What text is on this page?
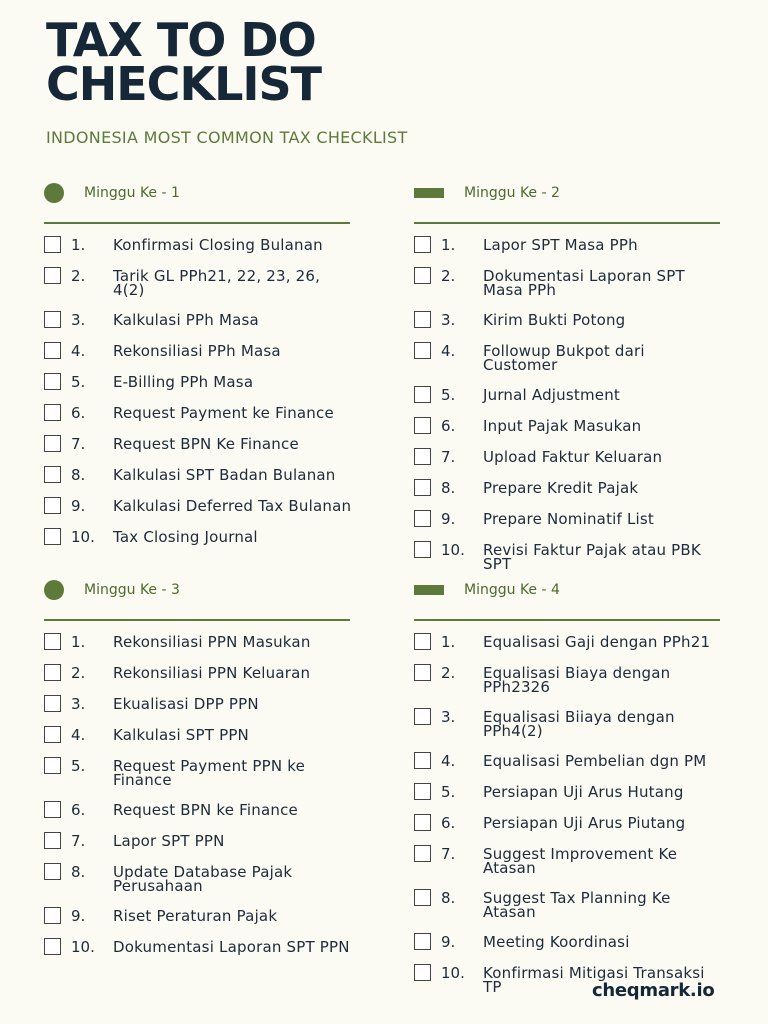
TAX TO DO
CHECKLIST
INDONESIA MOST COMMON TAX CHECKLIST
Minggu Ke - 1
1.	Konfirmasi Closing Bulanan
2.	Tarik GL PPh21, 22, 23, 26, 4(2)
3.	Kalkulasi PPh Masa
4.	Rekonsiliasi PPh Masa
5.	E-Billing PPh Masa
6.	Request Payment ke Finance
7.	Request BPN Ke Finance
8.	Kalkulasi SPT Badan Bulanan
9.	Kalkulasi Deferred Tax Bulanan
10.	Tax Closing Journal
Minggu Ke - 2
1.	Lapor SPT Masa PPh
2.	Dokumentasi Laporan SPT Masa PPh
3.	Kirim Bukti Potong
4.	Followup Bukpot dari Customer
5.	Jurnal Adjustment
6.	Input Pajak Masukan
7.	Upload Faktur Keluaran
8.	Prepare Kredit Pajak
9.	Prepare Nominatif List
10.	Revisi Faktur Pajak atau PBK SPT
Minggu Ke - 3
1.	Rekonsiliasi PPN Masukan
2.	Rekonsiliasi PPN Keluaran
3.	Ekualisasi DPP PPN
4.	Kalkulasi SPT PPN
5.	Request Payment PPN ke Finance
6.	Request BPN ke Finance
7.	Lapor SPT PPN
8.	Update Database Pajak Perusahaan
9.	Riset Peraturan Pajak
10.	Dokumentasi Laporan SPT PPN
Minggu Ke - 4
1.	Equalisasi Gaji dengan PPh21
2.	Equalisasi Biaya dengan PPh2326
3.	Equalisasi Biiaya dengan PPh4(2)
4.	Equalisasi Pembelian dgn PM
5.	Persiapan Uji Arus Hutang
6.	Persiapan Uji Arus Piutang
7.	Suggest Improvement Ke Atasan
8.	Suggest Tax Planning Ke Atasan
9.	Meeting Koordinasi
10.	Konfirmasi Mitigasi Transaksi TP	cheqmark.io
